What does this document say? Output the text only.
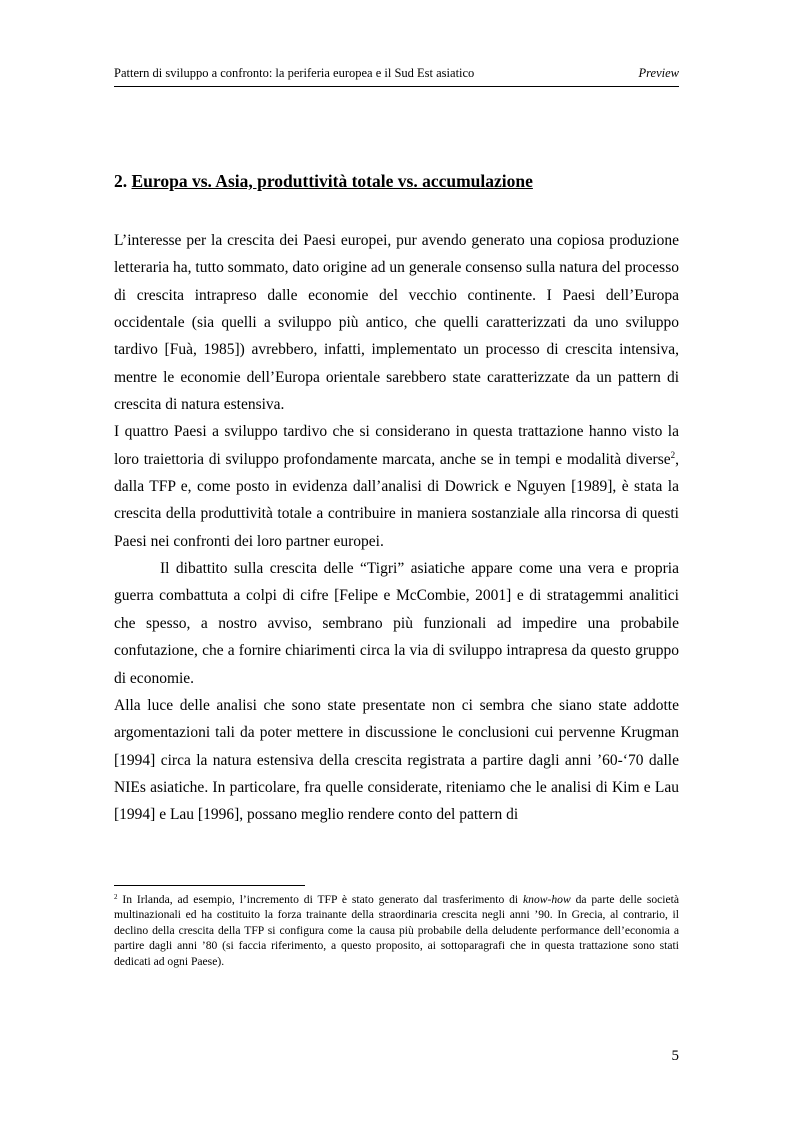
Pattern di sviluppo a confronto: la periferia europea e il Sud Est asiatico	Preview
2. Europa vs. Asia, produttività totale vs. accumulazione

L’interesse per la crescita dei Paesi europei, pur avendo generato una copiosa produzione letteraria ha, tutto sommato, dato origine ad un generale consenso sulla natura del processo di crescita intrapreso dalle economie del vecchio continente. I Paesi dell’Europa occidentale (sia quelli a sviluppo più antico, che quelli caratterizzati da uno sviluppo tardivo [Fuà, 1985]) avrebbero, infatti, implementato un processo di crescita intensiva, mentre le economie dell’Europa orientale sarebbero state caratterizzate da un pattern di crescita di natura estensiva.

I quattro Paesi a sviluppo tardivo che si considerano in questa trattazione hanno visto la loro traiettoria di sviluppo profondamente marcata, anche se in tempi e modalità diverse$^2$, dalla TFP e, come posto in evidenza dall’analisi di Dowrick e Nguyen [1989], è stata la crescita della produttività totale a contribuire in maniera sostanziale alla rincorsa di questi Paesi nei confronti dei loro partner europei.

Il dibattito sulla crescita delle “Tigri” asiatiche appare come una vera e propria guerra combattuta a colpi di cifre [Felipe e McCombie, 2001] e di stratagemmi analitici che spesso, a nostro avviso, sembrano più funzionali ad impedire una probabile confutazione, che a fornire chiarimenti circa la via di sviluppo intrapresa da questo gruppo di economie.

Alla luce delle analisi che sono state presentate non ci sembra che siano state addotte argomentazioni tali da poter mettere in discussione le conclusioni cui pervenne Krugman [1994] circa la natura estensiva della crescita registrata a partire dagli anni ’60-‘70 dalle NIEs asiatiche. In particolare, fra quelle considerate, riteniamo che le analisi di Kim e Lau [1994] e Lau [1996], possano meglio rendere conto del pattern di

$^2$ In Irlanda, ad esempio, l’incremento di TFP è stato generato dal trasferimento di know-how da parte delle società multinazionali ed ha costituito la forza trainante della straordinaria crescita negli anni ’90. In Grecia, al contrario, il declino della crescita della TFP si configura come la causa più probabile della deludente performance dell’economia a partire dagli anni ’80 (si faccia riferimento, a questo proposito, ai sottoparagrafi che in questa trattazione sono stati dedicati ad ogni Paese).
5
